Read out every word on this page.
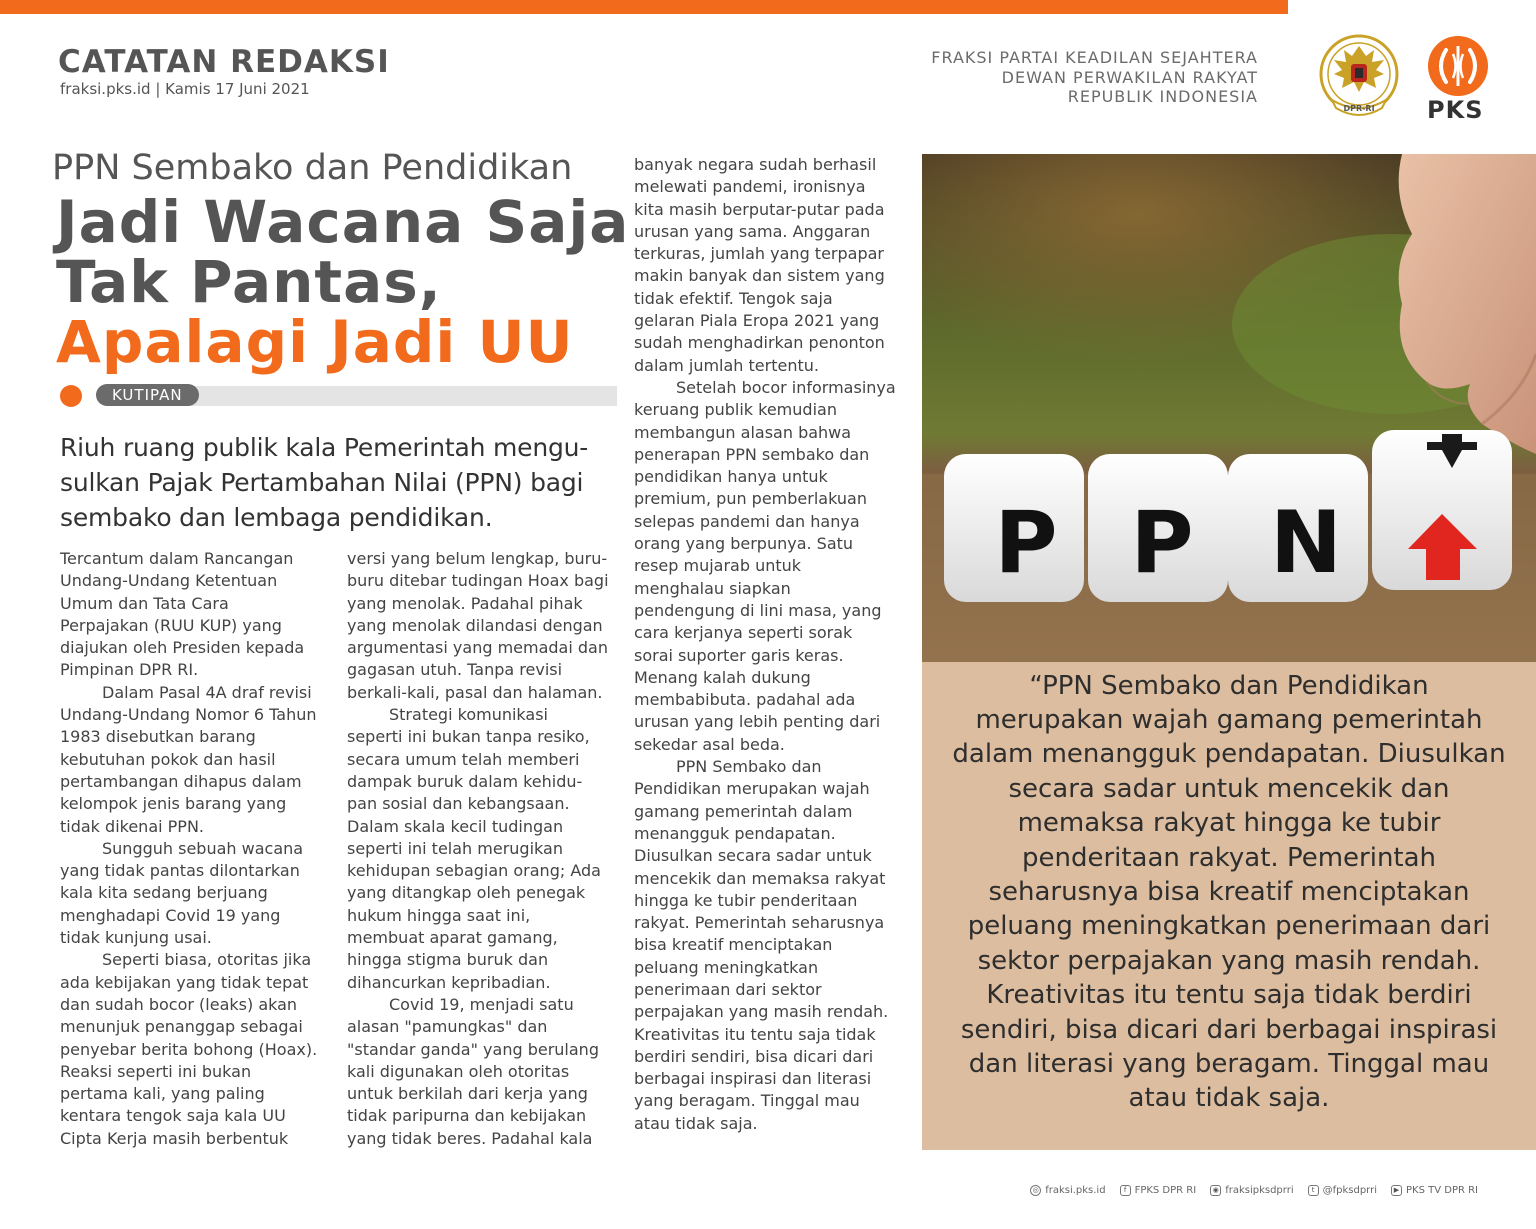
CATATAN REDAKSI
fraksi.pks.id | Kamis 17 Juni 2021
FRAKSI PARTAI KEADILAN SEJAHTERA
DEWAN PERWAKILAN RAKYAT
REPUBLIK INDONESIA
DPR-RI PKS
PPN Sembako dan Pendidikan
Jadi Wacana Saja
Tak Pantas,
Apalagi Jadi UU
KUTIPAN
Riuh ruang publik kala Pemerintah mengu-
sulkan Pajak Pertambahan Nilai (PPN) bagi
sembako dan lembaga pendidikan.
Tercantum dalam Rancangan
Undang-Undang Ketentuan
Umum dan Tata Cara
Perpajakan (RUU KUP) yang
diajukan oleh Presiden kepada
Pimpinan DPR RI.
Dalam Pasal 4A draf revisi
Undang-Undang Nomor 6 Tahun
1983 disebutkan barang
kebutuhan pokok dan hasil
pertambangan dihapus dalam
kelompok jenis barang yang
tidak dikenai PPN.
Sungguh sebuah wacana
yang tidak pantas dilontarkan
kala kita sedang berjuang
menghadapi Covid 19 yang
tidak kunjung usai.
Seperti biasa, otoritas jika
ada kebijakan yang tidak tepat
dan sudah bocor (leaks) akan
menunjuk penanggap sebagai
penyebar berita bohong (Hoax).
Reaksi seperti ini bukan
pertama kali, yang paling
kentara tengok saja kala UU
Cipta Kerja masih berbentuk
versi yang belum lengkap, buru-
buru ditebar tudingan Hoax bagi
yang menolak. Padahal pihak
yang menolak dilandasi dengan
argumentasi yang memadai dan
gagasan utuh. Tanpa revisi
berkali-kali, pasal dan halaman.
Strategi komunikasi
seperti ini bukan tanpa resiko,
secara umum telah memberi
dampak buruk dalam kehidu-
pan sosial dan kebangsaan.
Dalam skala kecil tudingan
seperti ini telah merugikan
kehidupan sebagian orang; Ada
yang ditangkap oleh penegak
hukum hingga saat ini,
membuat aparat gamang,
hingga stigma buruk dan
dihancurkan kepribadian.
Covid 19, menjadi satu
alasan "pamungkas" dan
"standar ganda" yang berulang
kali digunakan oleh otoritas
untuk berkilah dari kerja yang
tidak paripurna dan kebijakan
yang tidak beres. Padahal kala
banyak negara sudah berhasil
melewati pandemi, ironisnya
kita masih berputar-putar pada
urusan yang sama. Anggaran
terkuras, jumlah yang terpapar
makin banyak dan sistem yang
tidak efektif. Tengok saja
gelaran Piala Eropa 2021 yang
sudah menghadirkan penonton
dalam jumlah tertentu.
Setelah bocor informasinya
keruang publik kemudian
membangun alasan bahwa
penerapan PPN sembako dan
pendidikan hanya untuk
premium, pun pemberlakuan
selepas pandemi dan hanya
orang yang berpunya. Satu
resep mujarab untuk
menghalau siapkan
pendengung di lini masa, yang
cara kerjanya seperti sorak
sorai suporter garis keras.
Menang kalah dukung
membabibuta. padahal ada
urusan yang lebih penting dari
sekedar asal beda.
PPN Sembako dan
Pendidikan merupakan wajah
gamang pemerintah dalam
menangguk pendapatan.
Diusulkan secara sadar untuk
mencekik dan memaksa rakyat
hingga ke tubir penderitaan
rakyat. Pemerintah seharusnya
bisa kreatif menciptakan
peluang meningkatkan
penerimaan dari sektor
perpajakan yang masih rendah.
Kreativitas itu tentu saja tidak
berdiri sendiri, bisa dicari dari
berbagai inspirasi dan literasi
yang beragam. Tinggal mau
atau tidak saja.
P P N
“PPN Sembako dan Pendidikan
merupakan wajah gamang pemerintah
dalam menangguk pendapatan. Diusulkan
secara sadar untuk mencekik dan
memaksa rakyat hingga ke tubir
penderitaan rakyat. Pemerintah
seharusnya bisa kreatif menciptakan
peluang meningkatkan penerimaan dari
sektor perpajakan yang masih rendah.
Kreativitas itu tentu saja tidak berdiri
sendiri, bisa dicari dari berbagai inspirasi
dan literasi yang beragam. Tinggal mau
atau tidak saja.
◎ fraksi.pks.id	f FPKS DPR RI	◉ fraksipksdprri	t @fpksdprri	▶ PKS TV DPR RI
